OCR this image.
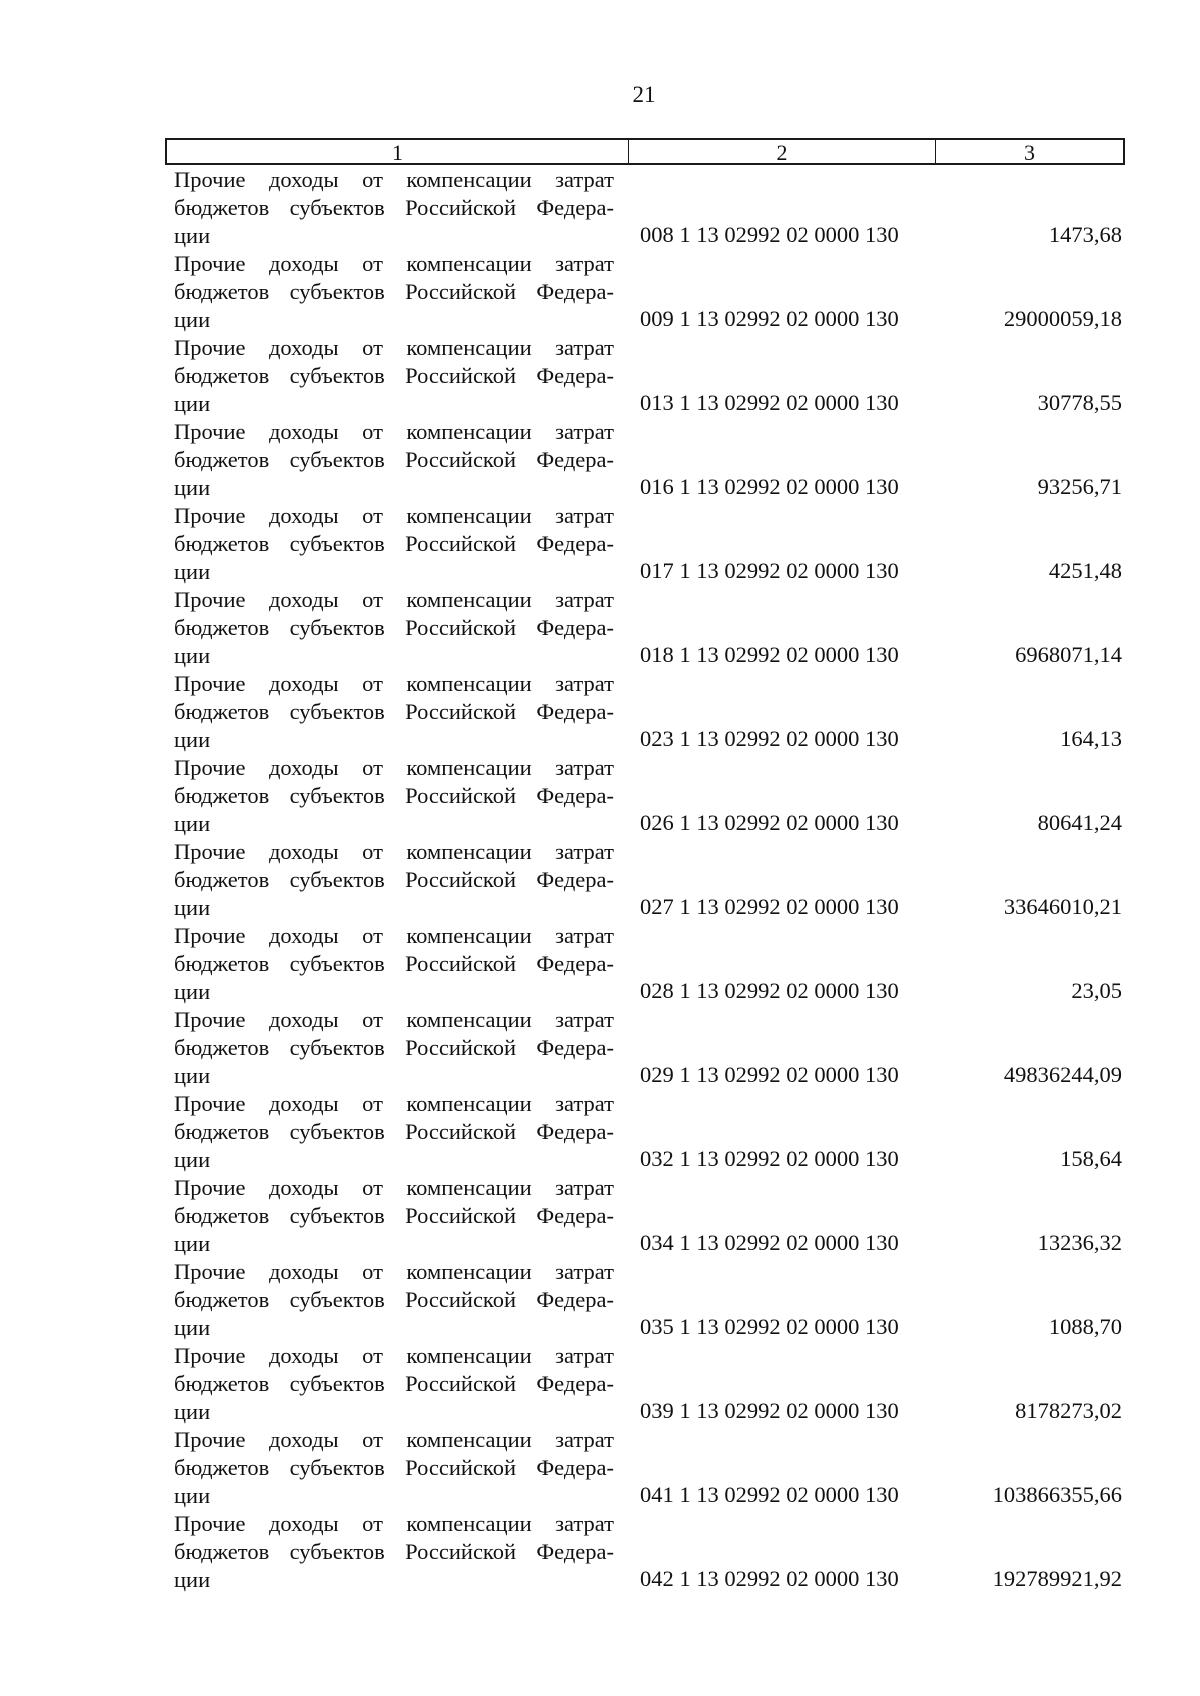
21
1	2	3
Прочие доходы от компенсации затрат
бюджетов субъектов Российской Федера-
ции	008 1 13 02992 02 0000 130	1473,68
Прочие доходы от компенсации затрат
бюджетов субъектов Российской Федера-
ции	009 1 13 02992 02 0000 130	29000059,18
Прочие доходы от компенсации затрат
бюджетов субъектов Российской Федера-
ции	013 1 13 02992 02 0000 130	30778,55
Прочие доходы от компенсации затрат
бюджетов субъектов Российской Федера-
ции	016 1 13 02992 02 0000 130	93256,71
Прочие доходы от компенсации затрат
бюджетов субъектов Российской Федера-
ции	017 1 13 02992 02 0000 130	4251,48
Прочие доходы от компенсации затрат
бюджетов субъектов Российской Федера-
ции	018 1 13 02992 02 0000 130	6968071,14
Прочие доходы от компенсации затрат
бюджетов субъектов Российской Федера-
ции	023 1 13 02992 02 0000 130	164,13
Прочие доходы от компенсации затрат
бюджетов субъектов Российской Федера-
ции	026 1 13 02992 02 0000 130	80641,24
Прочие доходы от компенсации затрат
бюджетов субъектов Российской Федера-
ции	027 1 13 02992 02 0000 130	33646010,21
Прочие доходы от компенсации затрат
бюджетов субъектов Российской Федера-
ции	028 1 13 02992 02 0000 130	23,05
Прочие доходы от компенсации затрат
бюджетов субъектов Российской Федера-
ции	029 1 13 02992 02 0000 130	49836244,09
Прочие доходы от компенсации затрат
бюджетов субъектов Российской Федера-
ции	032 1 13 02992 02 0000 130	158,64
Прочие доходы от компенсации затрат
бюджетов субъектов Российской Федера-
ции	034 1 13 02992 02 0000 130	13236,32
Прочие доходы от компенсации затрат
бюджетов субъектов Российской Федера-
ции	035 1 13 02992 02 0000 130	1088,70
Прочие доходы от компенсации затрат
бюджетов субъектов Российской Федера-
ции	039 1 13 02992 02 0000 130	8178273,02
Прочие доходы от компенсации затрат
бюджетов субъектов Российской Федера-
ции	041 1 13 02992 02 0000 130	103866355,66
Прочие доходы от компенсации затрат
бюджетов субъектов Российской Федера-
ции	042 1 13 02992 02 0000 130	192789921,92
